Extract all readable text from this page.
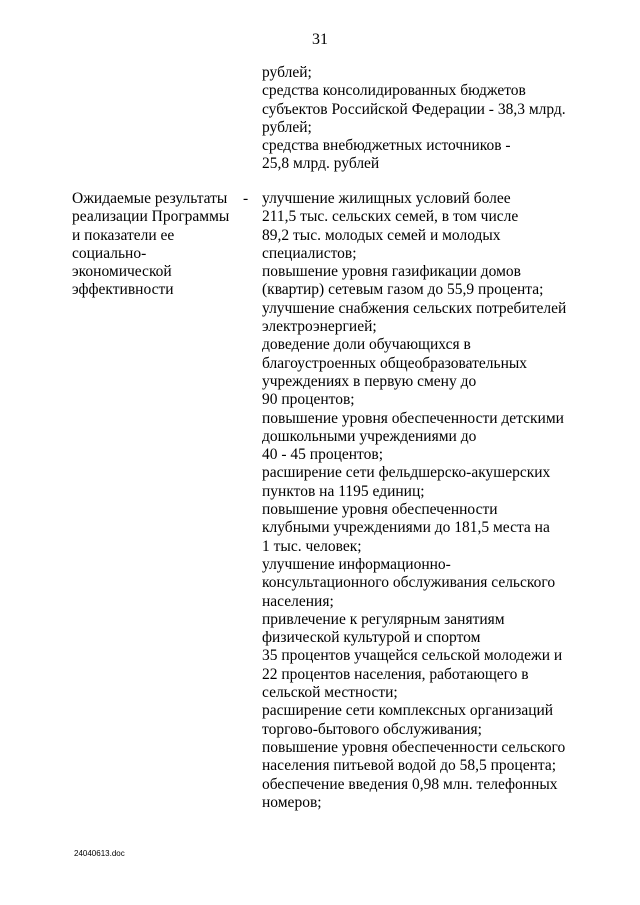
31
рублей;
средства консолидированных бюджетов
субъектов Российской Федерации - 38,3 млрд.
рублей;
средства внебюджетных источников -
25,8 млрд. рублей
Ожидаемые результаты
реализации Программы
и показатели ее
социально-
экономической
эффективности
- улучшение жилищных условий более
211,5 тыс. сельских семей, в том числе
89,2 тыс. молодых семей и молодых
специалистов;
повышение уровня газификации домов
(квартир) сетевым газом до 55,9 процента;
улучшение снабжения сельских потребителей
электроэнергией;
доведение доли обучающихся в
благоустроенных общеобразовательных
учреждениях в первую смену до
90 процентов;
повышение уровня обеспеченности детскими
дошкольными учреждениями до
40 - 45 процентов;
расширение сети фельдшерско-акушерских
пунктов на 1195 единиц;
повышение уровня обеспеченности
клубными учреждениями до 181,5 места на
1 тыс. человек;
улучшение информационно-
консультационного обслуживания сельского
населения;
привлечение к регулярным занятиям
физической культурой и спортом
35 процентов учащейся сельской молодежи и
22 процентов населения, работающего в
сельской местности;
расширение сети комплексных организаций
торгово-бытового обслуживания;
повышение уровня обеспеченности сельского
населения питьевой водой до 58,5 процента;
обеспечение введения 0,98 млн. телефонных
номеров;
24040613.doc
